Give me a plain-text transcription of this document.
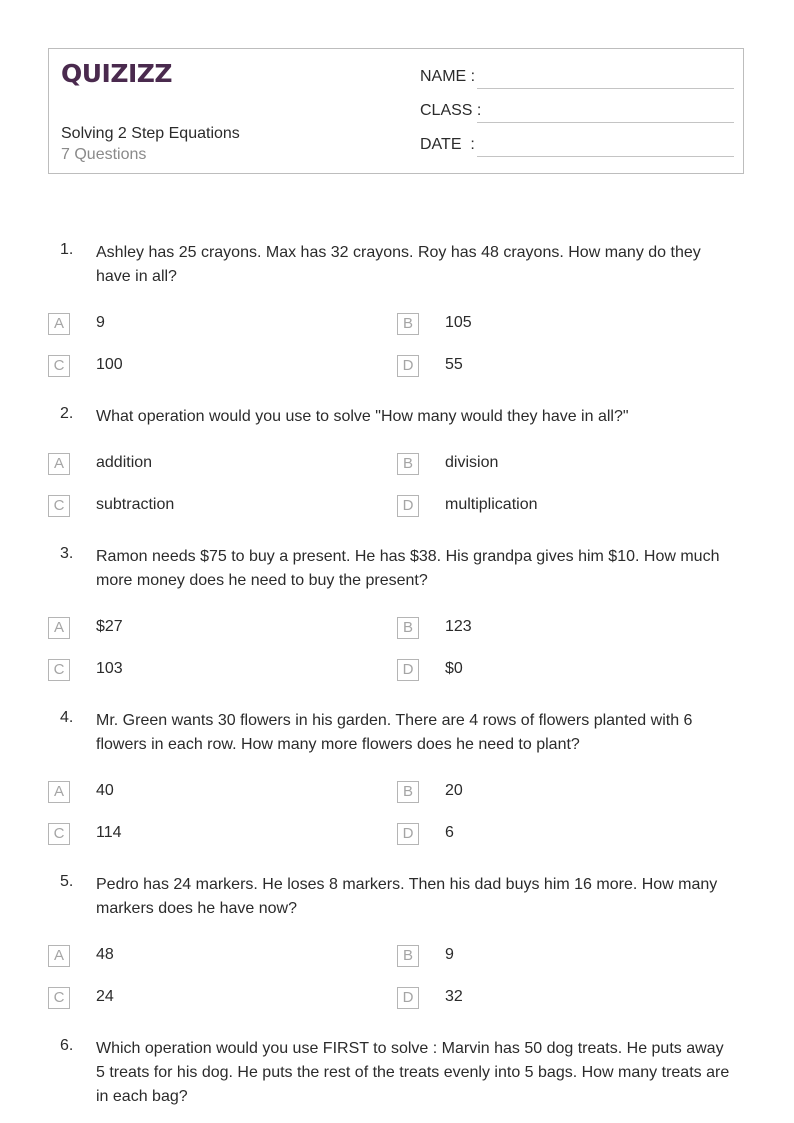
QUIZIZZ
Solving 2 Step Equations
7 Questions
NAME :
CLASS :
DATE  :
1. Ashley has 25 crayons. Max has 32 crayons. Roy has 48 crayons. How many do they have in all?
A	9	B	105
C	100	D	55
2. What operation would you use to solve "How many would they have in all?"
A	addition	B	division
C	subtraction	D	multiplication
3. Ramon needs $75 to buy a present. He has $38. His grandpa gives him $10. How much more money does he need to buy the present?
A	$27	B	123
C	103	D	$0
4. Mr. Green wants 30 flowers in his garden. There are 4 rows of flowers planted with 6 flowers in each row. How many more flowers does he need to plant?
A	40	B	20
C	114	D	6
5. Pedro has 24 markers. He loses 8 markers. Then his dad buys him 16 more. How many markers does he have now?
A	48	B	9
C	24	D	32
6. Which operation would you use FIRST to solve : Marvin has 50 dog treats. He puts away 5 treats for his dog. He puts the rest of the treats evenly into 5 bags. How many treats are in each bag?
